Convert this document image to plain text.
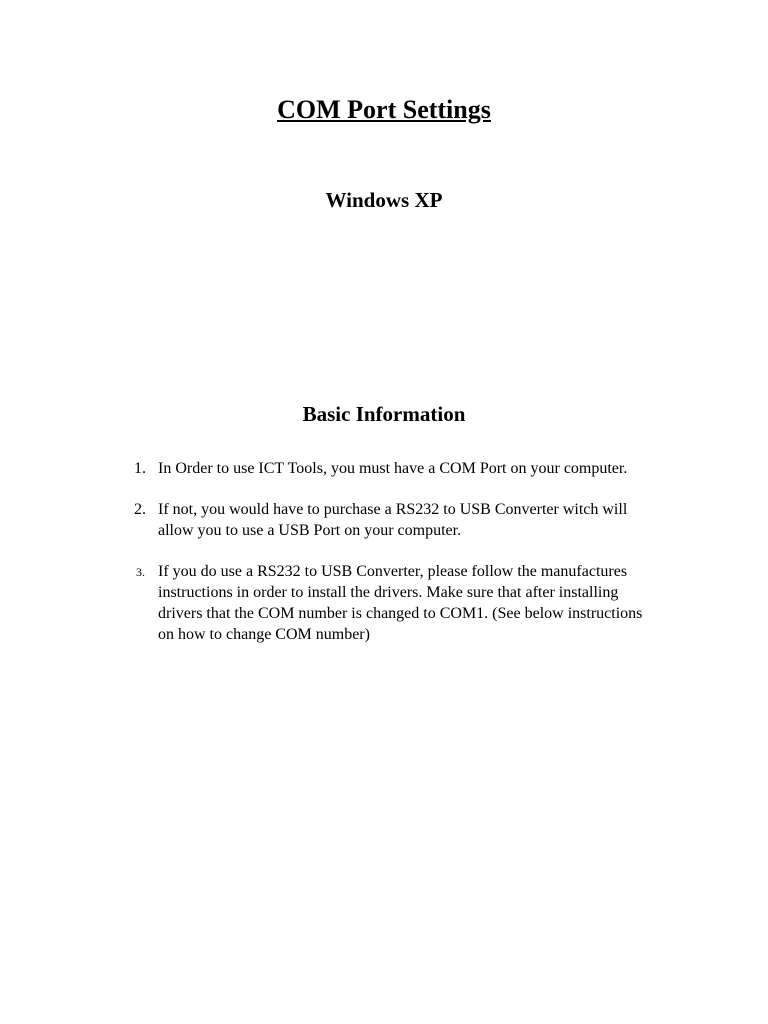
COM Port Settings
Windows XP
Basic Information
1. In Order to use ICT Tools, you must have a COM Port on your computer.
2. If not, you would have to purchase a RS232 to USB Converter witch will allow you to use a USB Port on your computer.
3. If you do use a RS232 to USB Converter, please follow the manufactures instructions in order to install the drivers. Make sure that after installing drivers that the COM number is changed to COM1. (See below instructions on how to change COM number)
